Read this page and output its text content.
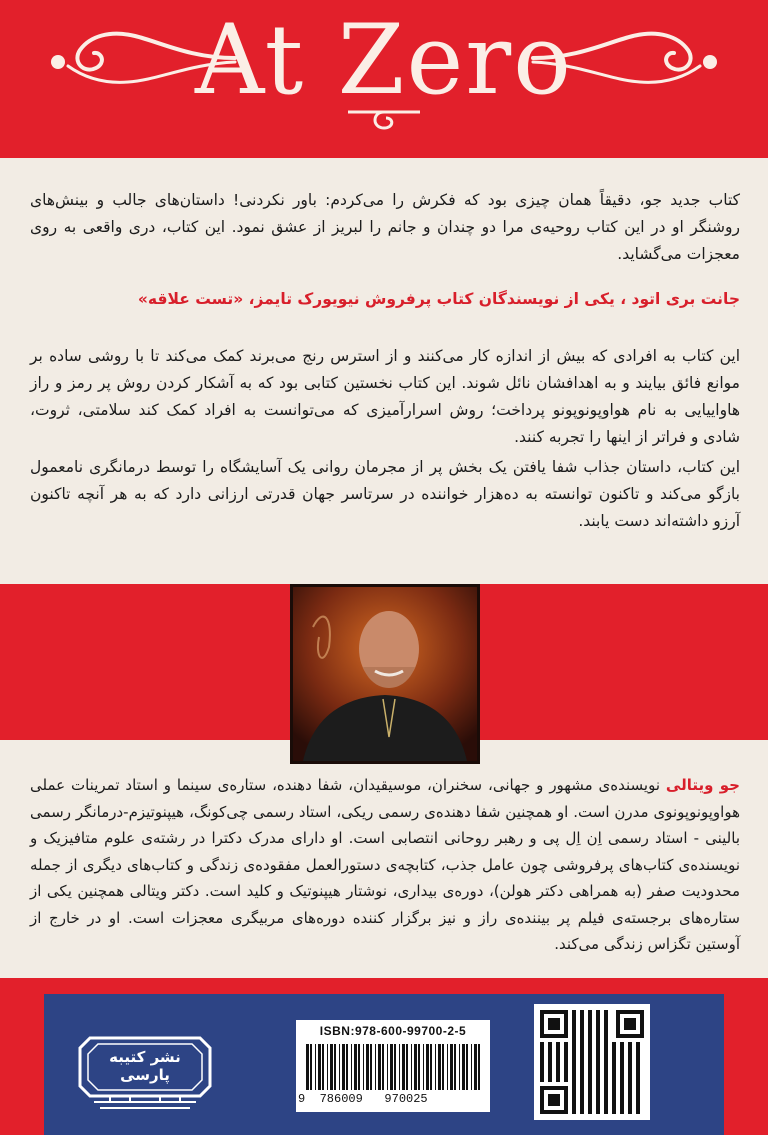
At Zero
کتاب جدید جو، دقیقاً همان چیزی بود که فکرش را می‌کردم: باور نکردنی! داستان‌های جالب و بینش‌های روشنگر او در این کتاب روحیه‌ی مرا دو چندان و جانم را لبریز از عشق نمود. این کتاب، دری واقعی به روی معجزات می‌گشاید.
جانت بری اتود ، یکی از نویسندگان کتاب پرفروش نیویورک تایمز، «تست علاقه»
این کتاب به افرادی که بیش از اندازه کار می‌کنند و از استرس رنج می‌برند کمک می‌کند تا با روشی ساده بر موانع فائق بیایند و به اهدافشان نائل شوند. این کتاب نخستین کتابی بود که به آشکار کردن روش پر رمز و راز هاواییایی به نام هواوپونوپونو پرداخت؛ روش اسرارآمیزی که می‌توانست به افراد کمک کند سلامتی، ثروت، شادی و فراتر از اینها را تجربه کنند.
این کتاب، داستان جذاب شفا یافتن یک بخش پر از مجرمان روانی یک آسایشگاه را توسط درمانگری نامعمول بازگو می‌کند و تاکنون توانسته به ده‌هزار خواننده در سرتاسر جهان قدرتی ارزانی دارد که به هر آنچه تاکنون آرزو داشته‌اند دست یابند.
جو ویتالی نویسنده‌ی مشهور و جهانی، سخنران، موسیقیدان، شفا دهنده، ستاره‌ی سینما و استاد تمرینات عملی هواوپونوپونوی مدرن است. او همچنین شفا دهنده‌ی رسمی ریکی، استاد رسمی چی‌کونگ، هیپنوتیزم-درمانگر رسمی بالینی - استاد رسمی اِن اِل پی و رهبر روحانی انتصابی است. او دارای مدرک دکترا در رشته‌ی علوم متافیزیک و نویسنده‌ی کتاب‌های پرفروشی چون عامل جذب، کتابچه‌ی دستورالعمل مفقوده‌ی زندگی و کتاب‌های دیگری از جمله محدودیت صفر (به همراهی دکتر هولن)، دوره‌ی بیداری، نوشتار هیپنوتیک و کلید است. دکتر ویتالی همچنین یکی از ستاره‌های برجسته‌ی فیلم پر بیننده‌ی راز و نیز برگزار کننده دوره‌های مربیگری معجزات است. او در خارج از آوستین تگزاس زندگی می‌کند.
نشر کتیبه پارسی
ISBN:978-600-99700-2-5
9  786009   970025
